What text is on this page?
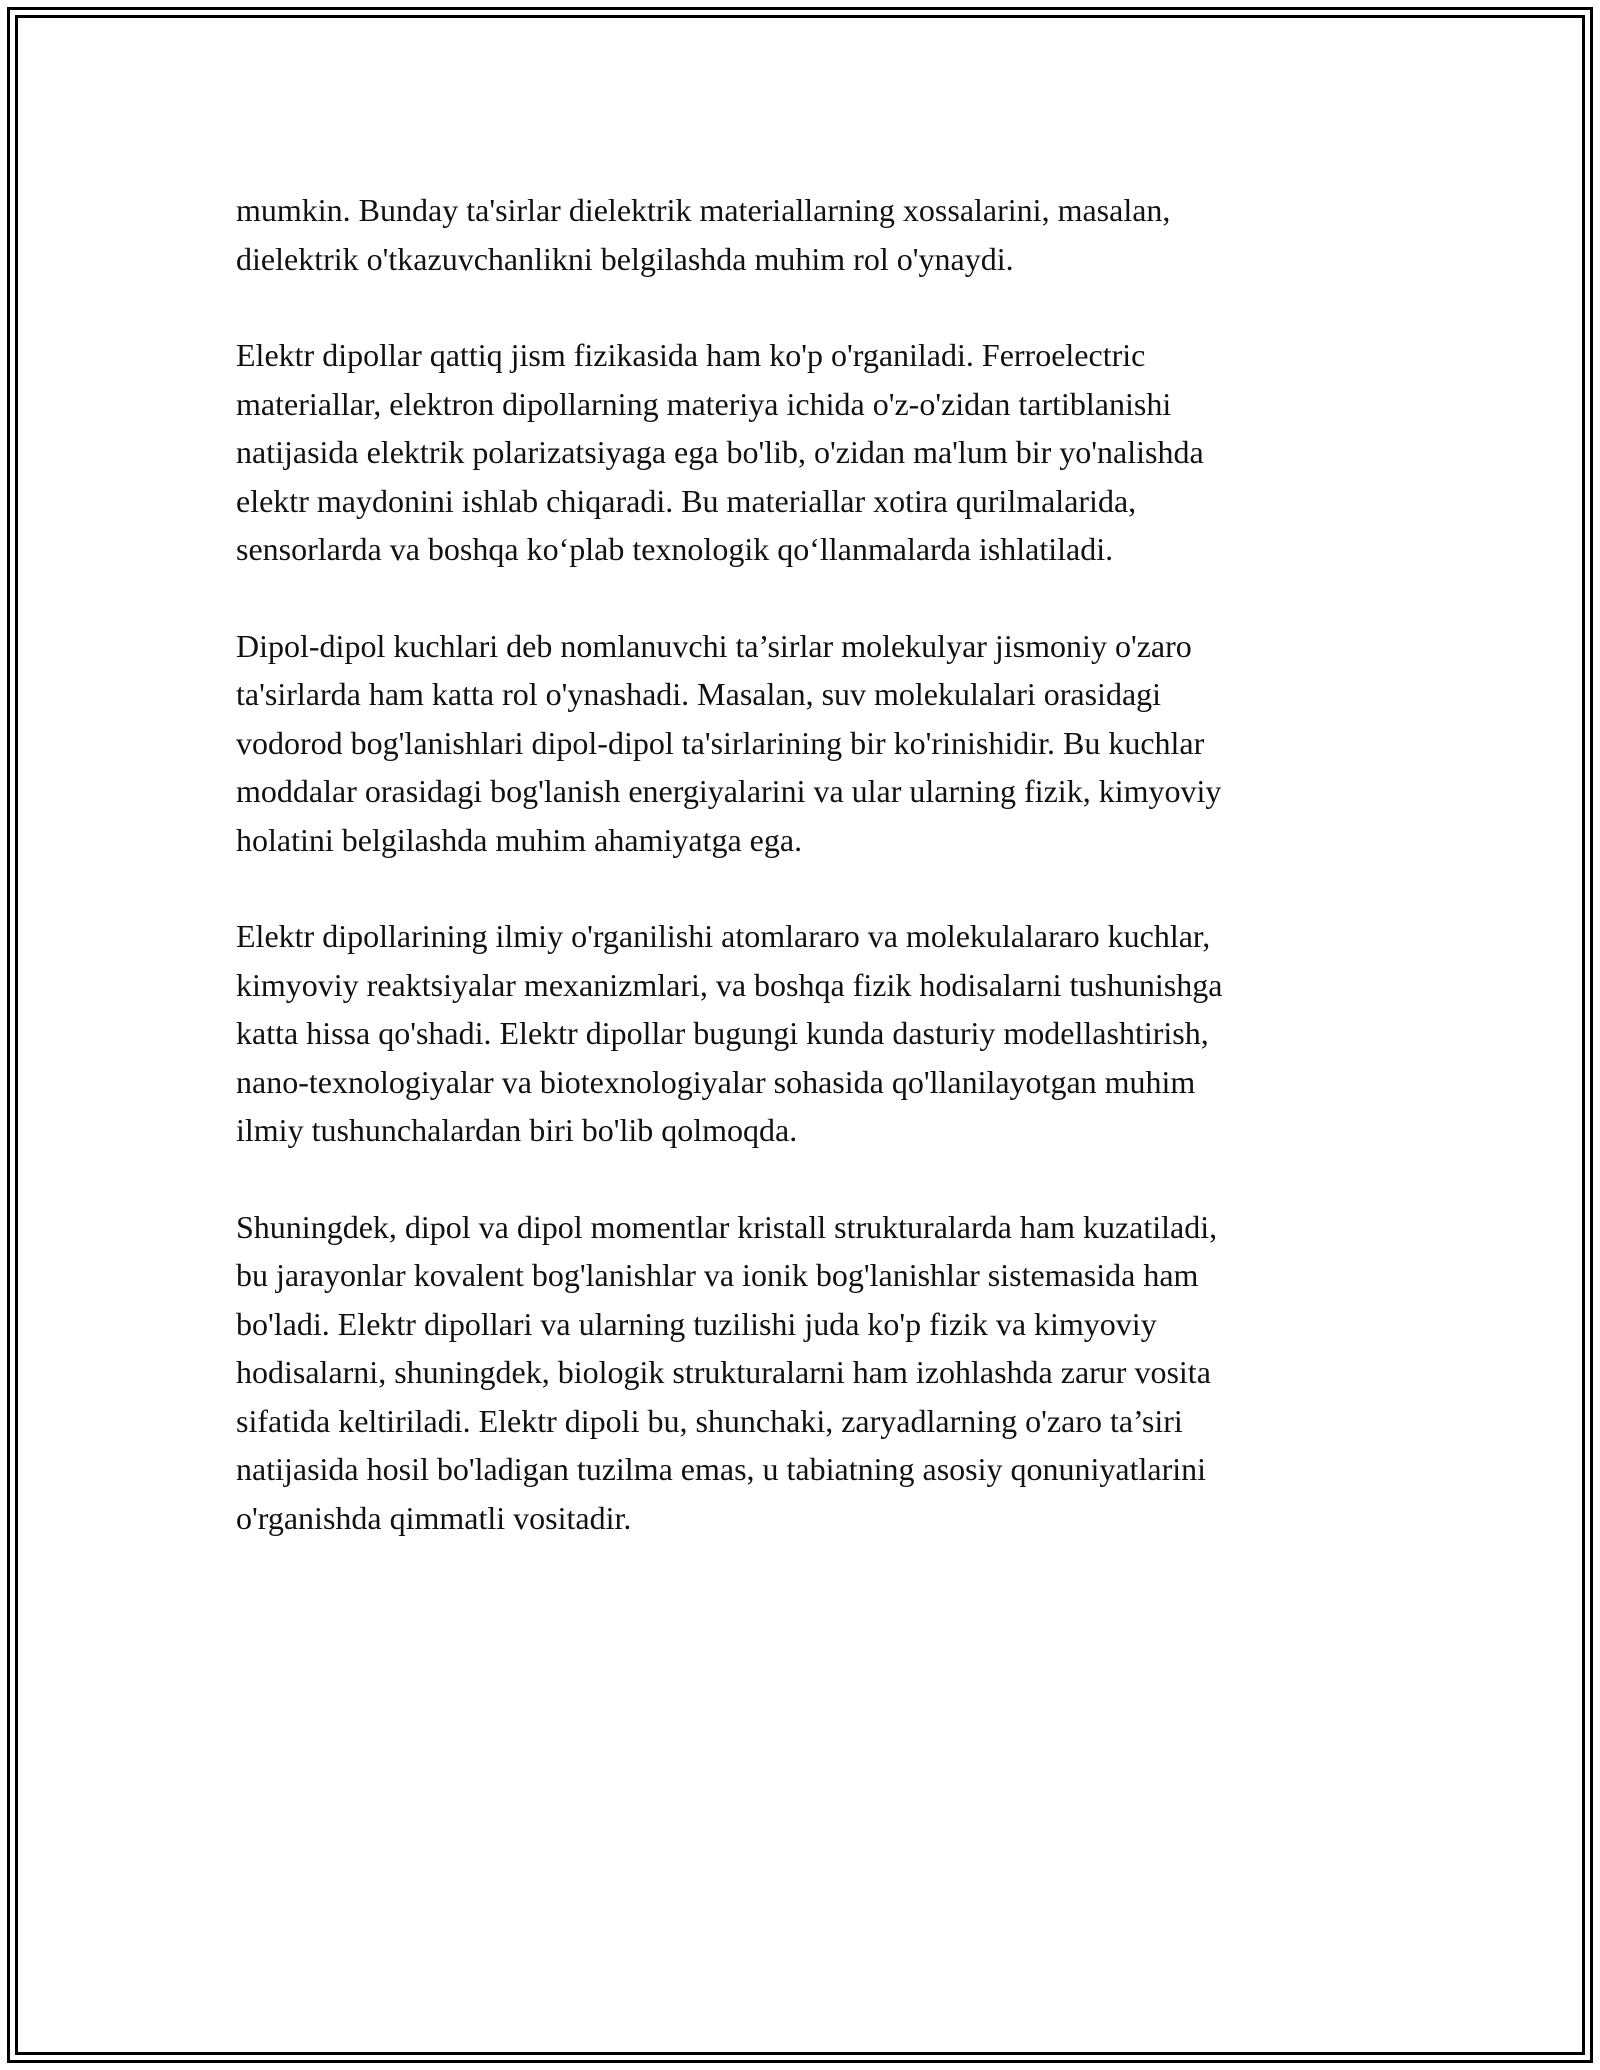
mumkin. Bunday ta'sirlar dielektrik materiallarning xossalarini, masalan,
dielektrik o'tkazuvchanlikni belgilashda muhim rol o'ynaydi.

Elektr dipollar qattiq jism fizikasida ham ko'p o'rganiladi. Ferroelectric
materiallar, elektron dipollarning materiya ichida o'z-o'zidan tartiblanishi
natijasida elektrik polarizatsiyaga ega bo'lib, o'zidan ma'lum bir yo'nalishda
elektr maydonini ishlab chiqaradi. Bu materiallar xotira qurilmalarida,
sensorlarda va boshqa ko‘plab texnologik qo‘llanmalarda ishlatiladi.

Dipol-dipol kuchlari deb nomlanuvchi ta’sirlar molekulyar jismoniy o'zaro
ta'sirlarda ham katta rol o'ynashadi. Masalan, suv molekulalari orasidagi
vodorod bog'lanishlari dipol-dipol ta'sirlarining bir ko'rinishidir. Bu kuchlar
moddalar orasidagi bog'lanish energiyalarini va ular ularning fizik, kimyoviy
holatini belgilashda muhim ahamiyatga ega.

Elektr dipollarining ilmiy o'rganilishi atomlararo va molekulalararo kuchlar,
kimyoviy reaktsiyalar mexanizmlari, va boshqa fizik hodisalarni tushunishga
katta hissa qo'shadi. Elektr dipollar bugungi kunda dasturiy modellashtirish,
nano-texnologiyalar va biotexnologiyalar sohasida qo'llanilayotgan muhim
ilmiy tushunchalardan biri bo'lib qolmoqda.

Shuningdek, dipol va dipol momentlar kristall strukturalarda ham kuzatiladi,
bu jarayonlar kovalent bog'lanishlar va ionik bog'lanishlar sistemasida ham
bo'ladi. Elektr dipollari va ularning tuzilishi juda ko'p fizik va kimyoviy
hodisalarni, shuningdek, biologik strukturalarni ham izohlashda zarur vosita
sifatida keltiriladi. Elektr dipoli bu, shunchaki, zaryadlarning o'zaro ta’siri
natijasida hosil bo'ladigan tuzilma emas, u tabiatning asosiy qonuniyatlarini
o'rganishda qimmatli vositadir.
